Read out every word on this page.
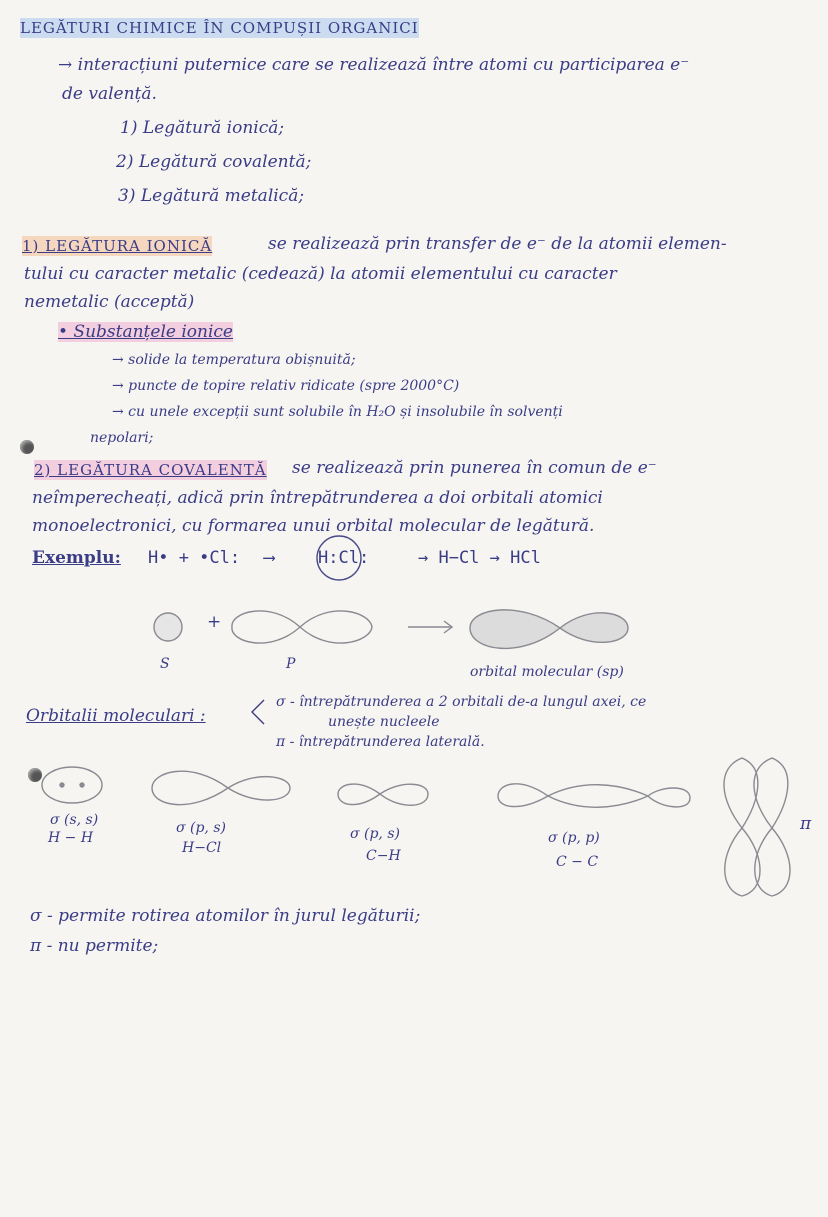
LEGĂTURI CHIMICE ÎN COMPUȘII ORGANICI
→ interacțiuni puternice care se realizează între atomi cu participarea e⁻
de valență.
1) Legătură ionică;
2) Legătură covalentă;
3) Legătură metalică;
1) LEGĂTURA IONICĂ	se realizează prin transfer de e⁻ de la atomii elemen-
tului cu caracter metalic (cedează) la atomii elementului cu caracter
nemetalic (acceptă)
• Substanțele ionice
→ solide la temperatura obișnuită;
→ puncte de topire relativ ridicate (spre 2000°C)
→ cu unele excepții sunt solubile în H₂O și insolubile în solvenți
nepolari;
2) LEGĂTURA COVALENTĂ se realizează prin punerea în comun de e⁻
neîmperecheați, adică prin întrepătrunderea a doi orbitali atomici
monoelectronici, cu formarea unui orbital molecular de legătură.
Exemplu: H• + •Cl: ⟶	H:Cl:	→ H−Cl → HCl
+
S	P	orbital molecular (sp)
Orbitalii moleculari :
σ - întrepătrunderea a 2 orbitali de-a lungul axei, ce
unește nucleele
π - întrepătrunderea laterală.
σ (s, s)
H − H
σ (p, s)
H−Cl
σ (p, s)
C−H
σ (p, p)
C − C
π
σ - permite rotirea atomilor în jurul legăturii;
π - nu permite;
